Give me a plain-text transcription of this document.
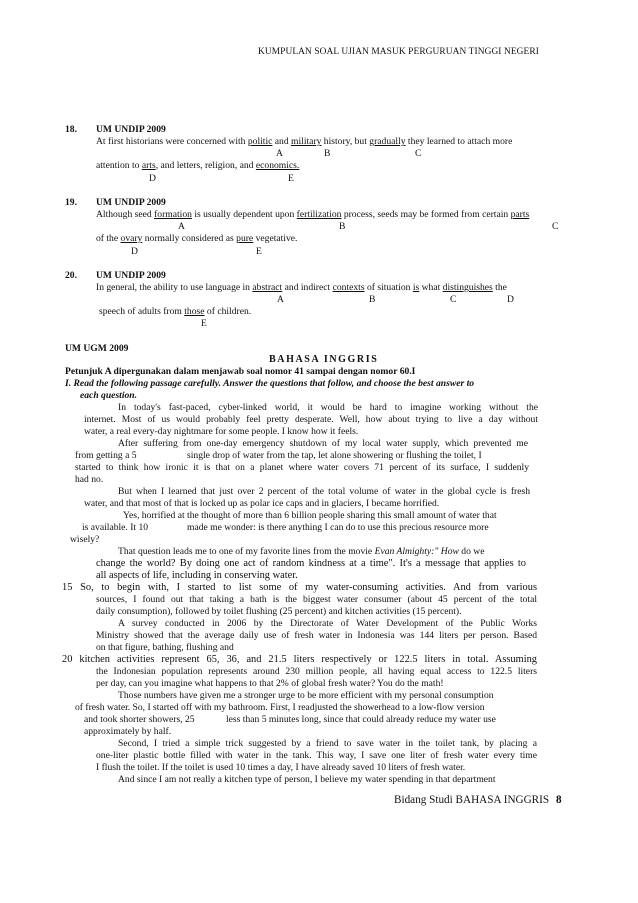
KUMPULAN SOAL UJIAN MASUK PERGURUAN TINGGI NEGERI
18. UM UNDIP 2009
At first historians were concerned with politic and military history, but gradually they learned to attach more
A	B	C
attention to arts, and letters, religion, and economics.
D	E
19. UM UNDIP 2009
Although seed formation is usually dependent upon fertilization process, seeds may be formed from certain parts
A	B	C
of the ovary normally considered as pure vegetative.
D	E
20. UM UNDIP 2009
In general, the ability to use language in abstract and indirect contexts of situation is what distinguishes the
A	B	C	D
speech of adults from those of children.
E
UM UGM 2009
BAHASA INGGRIS
Petunjuk A dipergunakan dalam menjawab soal nomor 41 sampai dengan nomor 60.I
I. Read the following passage carefully. Answer the questions that follow, and choose the best answer to
each question.
In today's fast-paced, cyber-linked world, it would be hard to imagine working without the
internet. Most of us would probably feel pretty desperate. Well, how about trying to live a day without
water, a real every-day nightmare for some people. I know how it feels.
After suffering from one-day emergency shutdown of my local water supply, which prevented me
from getting a 5	single drop of water from the tap, let alone showering or flushing the toilet, I
started to think how ironic it is that on a planet where water covers 71 percent of its surface, I suddenly
had no.
But when I learned that just over 2 percent of the total volume of water in the global cycle is fresh
water, and that most of that is locked up as polar ice caps and in glaciers, I became horrified.
Yes, horrified at the thought of more than 6 billion people sharing this small amount of water that
is available. It 10	made me wonder: is there anything I can do to use this precious resource more
wisely?
That question leads me to one of my favorite lines from the movie Evan Almighty:" How do we
change the world? By doing one act of random kindness at a time". It's a message that applies to
all aspects of life, including in conserving water.
15 So, to begin with, I started to list some of my water-consuming activities. And from various
sources, I found out that taking a bath is the biggest water consumer (about 45 percent of the total
daily consumption), followed by toilet flushing (25 percent) and kitchen activities (15 percent).
A survey conducted in 2006 by the Directorate of Water Development of the Public Works
Ministry showed that the average daily use of fresh water in Indonesia was 144 liters per person. Based
on that figure, bathing, flushing and
20 kitchen activities represent 65, 36, and 21.5 liters respectively or 122.5 liters in total. Assuming
the Indonesian population represents around 230 million people, all having equal access to 122.5 liters
per day, can you imagine what happens to that 2% of global fresh water? You do the math!
Those numbers have given me a stronger urge to be more efficient with my personal consumption
of fresh water. So, I started off with my bathroom. First, I readjusted the showerhead to a low-flow version
and took shorter showers, 25	less than 5 minutes long, since that could already reduce my water use
approximately by half.
Second, I tried a simple trick suggested by a friend to save water in the toilet tank, by placing a
one-liter plastic bottle filled with water in the tank. This way, I save one liter of fresh water every time
I flush the toilet. If the toilet is used 10 times a day, I have already saved 10 liters of fresh water.
And since I am not really a kitchen type of person, I believe my water spending in that department
Bidang Studi BAHASA INGGRIS 8
